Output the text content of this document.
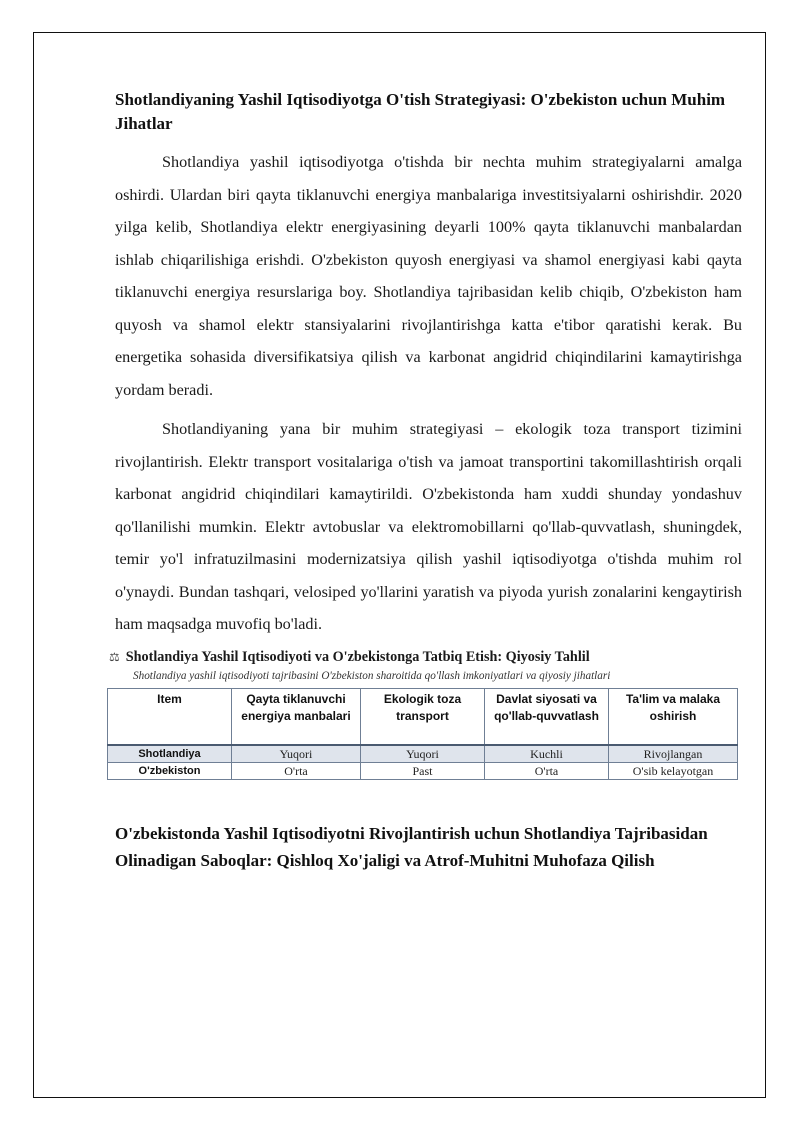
Shotlandiyaning Yashil Iqtisodiyotga O'tish Strategiyasi: O'zbekiston uchun Muhim Jihatlar

Shotlandiya yashil iqtisodiyotga o'tishda bir nechta muhim strategiyalarni amalga oshirdi. Ulardan biri qayta tiklanuvchi energiya manbalariga investitsiyalarni oshirishdir. 2020 yilga kelib, Shotlandiya elektr energiyasining deyarli 100% qayta tiklanuvchi manbalardan ishlab chiqarilishiga erishdi. O'zbekiston quyosh energiyasi va shamol energiyasi kabi qayta tiklanuvchi energiya resurslariga boy. Shotlandiya tajribasidan kelib chiqib, O'zbekiston ham quyosh va shamol elektr stansiyalarini rivojlantirishga katta e'tibor qaratishi kerak. Bu energetika sohasida diversifikatsiya qilish va karbonat angidrid chiqindilarini kamaytirishga yordam beradi.

Shotlandiyaning yana bir muhim strategiyasi – ekologik toza transport tizimini rivojlantirish. Elektr transport vositalariga o'tish va jamoat transportini takomillashtirish orqali karbonat angidrid chiqindilari kamaytirildi. O'zbekistonda ham xuddi shunday yondashuv qo'llanilishi mumkin. Elektr avtobuslar va elektromobillarni qo'llab-quvvatlash, shuningdek, temir yo'l infratuzilmasini modernizatsiya qilish yashil iqtisodiyotga o'tishda muhim rol o'ynaydi. Bundan tashqari, velosiped yo'llarini yaratish va piyoda yurish zonalarini kengaytirish ham maqsadga muvofiq bo'ladi.

⚖ Shotlandiya Yashil Iqtisodiyoti va O'zbekistonga Tatbiq Etish: Qiyosiy Tahlil
Shotlandiya yashil iqtisodiyoti tajribasini O'zbekiston sharoitida qo'llash imkoniyatlari va qiyosiy jihatlari
Item	Qayta tiklanuvchi energiya manbalari	Ekologik toza transport	Davlat siyosati va qo'llab-quvvatlash	Ta'lim va malaka oshirish
Shotlandiya	Yuqori	Yuqori	Kuchli	Rivojlangan
O'zbekiston	O'rta	Past	O'rta	O'sib kelayotgan
O'zbekistonda Yashil Iqtisodiyotni Rivojlantirish uchun Shotlandiya Tajribasidan Olinadigan Saboqlar: Qishloq Xo'jaligi va Atrof-Muhitni Muhofaza Qilish
